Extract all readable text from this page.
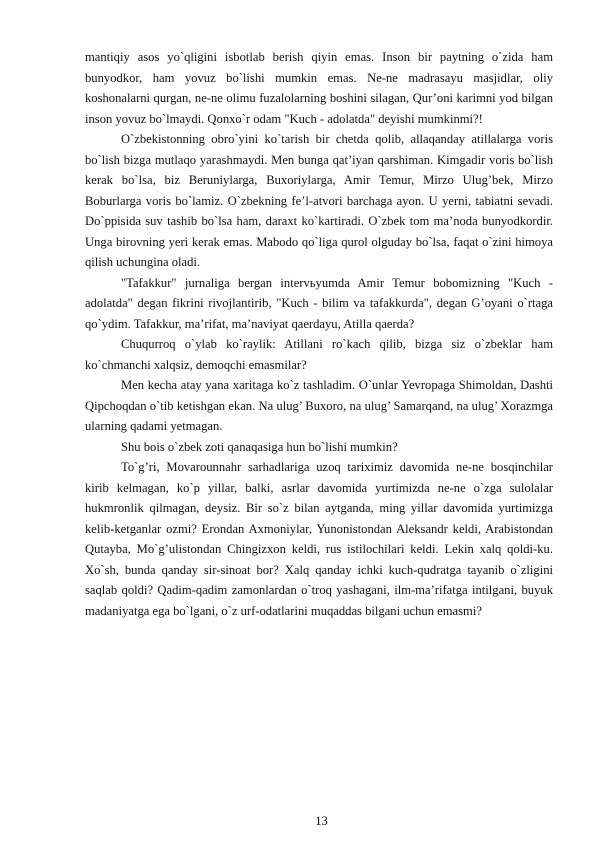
mantiqiy asos yo`qligini isbotlab berish qiyin emas. Inson bir paytning o`zida ham bunyodkor, ham yovuz bo`lishi mumkin emas. Ne-ne madrasayu masjidlar, oliy koshonalarni qurgan, ne-ne olimu fuzalolarning boshini silagan, Qur’oni karimni yod bilgan inson yovuz bo`lmaydi. Qonxo`r odam "Kuch - adolatda" deyishi mumkinmi?!

O`zbekistonning obro`yini ko`tarish bir chetda qolib, allaqanday atillalarga voris bo`lish bizga mutlaqo yarashmaydi. Men bunga qat’iyan qarshiman. Kimgadir voris bo`lish kerak bo`lsa, biz Beruniylarga, Buxoriylarga, Amir Temur, Mirzo Ulug’bek, Mirzo Boburlarga voris bo`lamiz. O`zbekning fe’l-atvori barchaga ayon. U yerni, tabiatni sevadi. Do`ppisida suv tashib bo`lsa ham, daraxt ko`kartiradi. O`zbek tom ma’noda bunyodkordir. Unga birovning yeri kerak emas. Mabodo qo`liga qurol olguday bo`lsa, faqat o`zini himoya qilish uchungina oladi.

"Tafakkur" jurnaliga bergan intervьyumda Amir Temur bobomizning "Kuch - adolatda" degan fikrini rivojlantirib, "Kuch - bilim va tafakkurda", degan G’oyani o`rtaga qo`ydim. Tafakkur, ma’rifat, ma’naviyat qaerdayu, Atilla qaerda?

Chuqurroq o`ylab ko`raylik: Atillani ro`kach qilib, bizga siz o`zbeklar ham ko`chmanchi xalqsiz, demoqchi emasmilar?

Men kecha atay yana xaritaga ko`z tashladim. O`unlar Yevropaga Shimoldan, Dashti Qipchoqdan o`tib ketishgan ekan. Na ulug’ Buxoro, na ulug’ Samarqand, na ulug’ Xorazmga ularning qadami yetmagan.

Shu bois o`zbek zoti qanaqasiga hun bo`lishi mumkin?

To`g’ri, Movarounnahr sarhadlariga uzoq tariximiz davomida ne-ne bosqinchilar kirib kelmagan, ko`p yillar, balki, asrlar davomida yurtimizda ne-ne o`zga sulolalar hukmronlik qilmagan, deysiz. Bir so`z bilan aytganda, ming yillar davomida yurtimizga kelib-ketganlar ozmi? Erondan Axmoniylar, Yunonistondan Aleksandr keldi, Arabistondan Qutayba, Mo`g’ulistondan Chingizxon keldi, rus istilochilari keldi. Lekin xalq qoldi-ku. Xo`sh, bunda qanday sir-sinoat bor? Xalq qanday ichki kuch-qudratga tayanib o`zligini saqlab qoldi? Qadim-qadim zamonlardan o`troq yashagani, ilm-ma’rifatga intilgani, buyuk madaniyatga ega bo`lgani, o`z urf-odatlarini muqaddas bilgani uchun emasmi?

13
